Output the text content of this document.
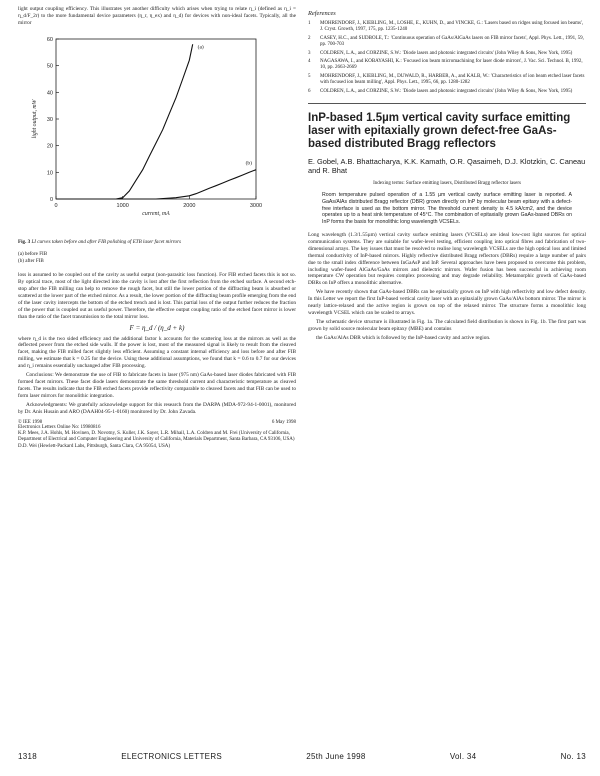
light output coupling efficiency. This illustrates yet another difficulty which arises when trying to relate η_i (defined as η_i = η_d/F_2r) to the more fundamental device parameters (η_r, η_ex) and η_d) for devices with non-ideal facets. Typically, all the mirror

0	1000	2000	3000
0
10
20
30
40
50
60
current, mA
light output, mW
(a)
(b)
Fig. 3 LI curves taken before and after FIB polishing of ETB laser facet mirrors
(a) before FIB
(b) after FIB

loss is assumed to be coupled out of the cavity as useful output (non-parasitic loss function). For FIB etched facets this is not so. By optical trace, most of the light directed into the cavity is lost after the first reflection from the etched surface. A second etch-stop after the FIB milling can help to remove the rough facet, but still the lower portion of the diffracting beam is absorbed or scattered at the lower part of the etched mirror. As a result, the lower portion of the diffracting beam profile emerging from the end of the laser cavity intercepts the bottom of the etched trench and is lost. This partial loss of the output further reduces the fraction of the power that is coupled out as useful power. Therefore, the effective output coupling ratio of the etched facet mirror is lower than the ratio of the facet transmission to the total mirror loss.

F = η_d / (η_d + k)

where η_d is the two sided efficiency and the additional factor k accounts for the scattering loss at the mirrors as well as the deflected power from the etched side walls. If the power is lost, most of the measured signal is likely to result from the cleaved facet, making the FIB milled facet slightly less efficient. Assuming a constant internal efficiency and loss before and after FIB milling, we estimate that k = 0.25 for the device. Using these additional assumptions, we found that k = 0.6 to 0.7 for our devices and η_i remains essentially unchanged after FIB processing.

Conclusions: We demonstrate the use of FIB to fabricate facets in laser (975 nm) GaAs-based laser diodes fabricated with FIB formed facet mirrors. These facet diode lasers demonstrate the same threshold current and characteristic temperature as cleaved facets. The results indicate that the FIB etched facets provide reflectivity comparable to cleaved facets and that FIB can be used to form laser mirrors for monolithic integration.

Acknowledgments: We gratefully acknowledge support for this research from the DARPA (MDA-972-94-1-0001), monitored by Dr. Anis Husain and ARO (DAAH04-95-1-0160) monitored by Dr. John Zavada.

© IEE 1998	6 May 1998
Electronics Letters Online No: 19980816
K.P. Mees, J.A. Hohls, M. Hovinen, D. Novotny, S. Kuller, J.K. Sayer, L.R. Mihail, L.A. Coldren and M. Frei (University of California, Department of Electrical and Computer Engineering and University of California, Materials Department, Santa Barbara, CA 93106, USA)
D.D. Wei (Hewlett-Packard Labs, Pittsburgh, Santa Clara, CA 95054, USA)
References
1	MOHRENDORF, J., KIEBLING, M., LOSHE, E., KUHN, D., and VINCKE, G.: 'Lasers based on ridges using focused ion beams', J. Cryst. Growth, 1997, 175, pp. 1235-1240
2	CASEY, H.C., and SUDBOLE, T.: 'Continuous operation of GaAs/AlGaAs lasers on FIB mirror facets', Appl. Phys. Lett., 1991, 59, pp. 700-703
3	COLDREN, L.A., and CORZINE, S.W.: 'Diode lasers and photonic integrated circuits' (John Wiley & Sons, New York, 1995)
4	NAGASAWA, I., and KOBAYASHI, K.: 'Focused ion beam micromachining for laser diode mirrors', J. Vac. Sci. Technol. B, 1992, 10, pp. 2663-2669
5	MOHRENDORF, J., KIEBLING, M., DUWALD, R., HARBER, A., and KALB, W.: 'Characteristics of ion beam etched laser facets with focused ion beam milling', Appl. Phys. Lett., 1995, 66, pp. 1280-1282
6	COLDREN, L.A., and CORZINE, S.W.: 'Diode lasers and photonic integrated circuits' (John Wiley & Sons, New York, 1995)
InP-based 1.5µm vertical cavity surface emitting laser with epitaxially grown defect-free GaAs-based distributed Bragg reflectors
E. Gobel, A.B. Bhattacharya, K.K. Kamath, O.R. Qasaimeh, D.J. Klotzkin, C. Caneau and R. Bhat
Indexing terms: Surface emitting lasers, Distributed Bragg reflector lasers
Room temperature pulsed operation of a 1.55 µm vertical cavity surface emitting laser is reported. A GaAs/AlAs distributed Bragg reflector (DBR) grown directly on InP by molecular beam epitaxy with a defect-free interface is used as the bottom mirror. The threshold current density is 4.5 kA/cm2, and the device operates up to a heat sink temperature of 45°C. The combination of epitaxially grown GaAs-based DBRs on InP forms the basis for monolithic long wavelength VCSELs.

Long wavelength (1.3/1.55µm) vertical cavity surface emitting lasers (VCSELs) are ideal low-cost light sources for optical communication systems. They are suitable for wafer-level testing, efficient coupling into optical fibres and fabrication of two-dimensional arrays. The key issues that must be resolved to realise long wavelength VCSELs are the high optical loss and limited thermal conductivity of InP-based mirrors. Highly reflective distributed Bragg reflectors (DBRs) require a large number of pairs due to the small index difference between InGaAsP and InP. Several approaches have been proposed to overcome this problem, including wafer-fused AlGaAs/GaAs mirrors and dielectric mirrors. Wafer fusion has been successful in achieving room temperature CW operation but requires complex processing and may degrade reliability. Metamorphic growth of GaAs-based DBRs on InP offers a monolithic alternative.

We have recently shown that GaAs-based DBRs can be epitaxially grown on InP with high reflectivity and low defect density. In this Letter we report the first InP-based vertical cavity laser with an epitaxially grown GaAs/AlAs bottom mirror. The mirror is nearly lattice-relaxed and the active region is grown on top of the relaxed mirror. The structure forms a monolithic long wavelength VCSEL which can be scaled to arrays.

The schematic device structure is illustrated in Fig. 1a. The calculated field distribution is shown in Fig. 1b. The first part was grown by solid source molecular beam epitaxy (MBE) and contains

the GaAs/AlAs DBR which is followed by the InP-based cavity and active region.

1318	ELECTRONICS LETTERS	25th June 1998	Vol. 34	No. 13
